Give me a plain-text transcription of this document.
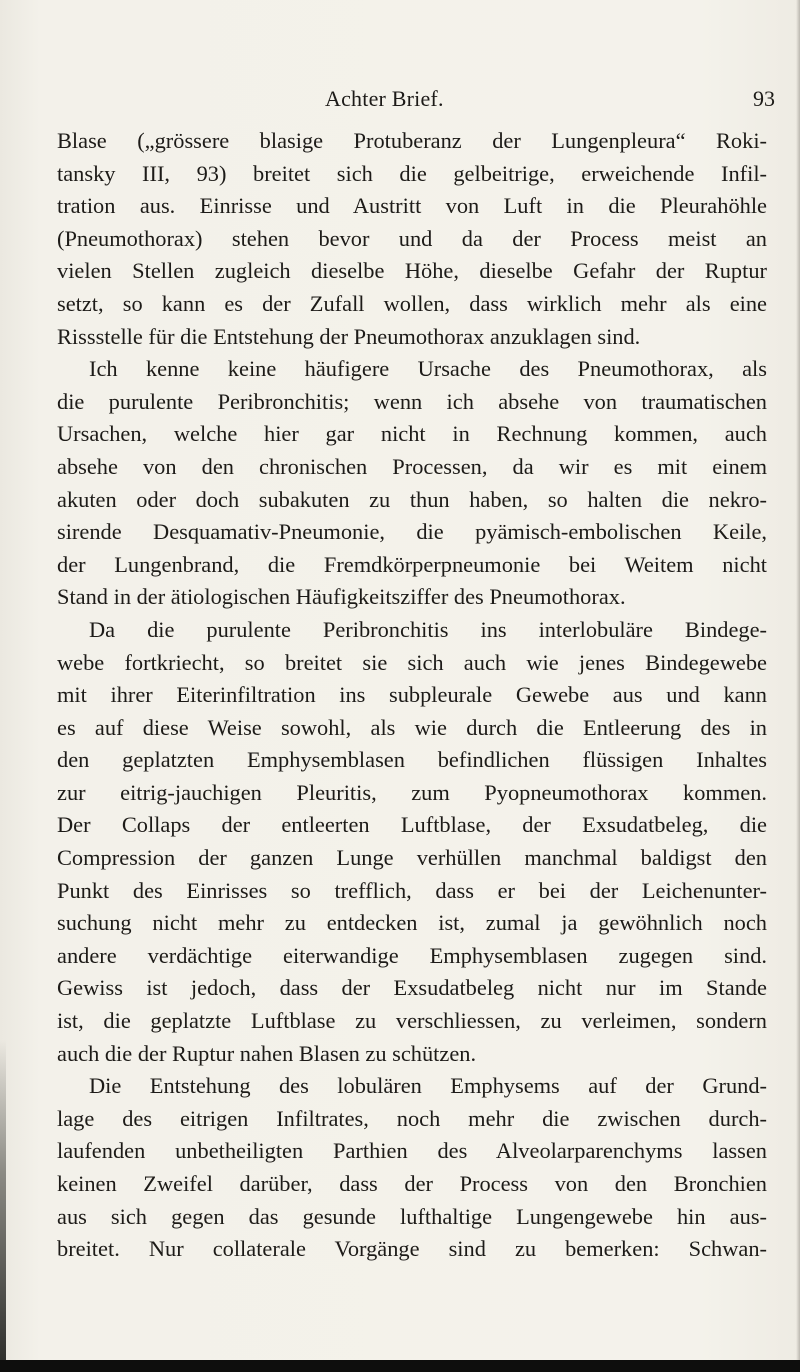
Achter Brief.	93
Blase („grössere blasige Protuberanz der Lungenpleura“ Roki-
tansky III, 93) breitet sich die gelbeitrige, erweichende Infil-
tration aus. Einrisse und Austritt von Luft in die Pleurahöhle
(Pneumothorax) stehen bevor und da der Process meist an
vielen Stellen zugleich dieselbe Höhe, dieselbe Gefahr der Ruptur
setzt, so kann es der Zufall wollen, dass wirklich mehr als eine
Rissstelle für die Entstehung der Pneumothorax anzuklagen sind.
Ich kenne keine häufigere Ursache des Pneumothorax, als
die purulente Peribronchitis; wenn ich absehe von traumatischen
Ursachen, welche hier gar nicht in Rechnung kommen, auch
absehe von den chronischen Processen, da wir es mit einem
akuten oder doch subakuten zu thun haben, so halten die nekro-
sirende Desquamativ-Pneumonie, die pyämisch-embolischen Keile,
der Lungenbrand, die Fremdkörperpneumonie bei Weitem nicht
Stand in der ätiologischen Häufigkeitsziffer des Pneumothorax.
Da die purulente Peribronchitis ins interlobuläre Bindege-
webe fortkriecht, so breitet sie sich auch wie jenes Bindegewebe
mit ihrer Eiterinfiltration ins subpleurale Gewebe aus und kann
es auf diese Weise sowohl, als wie durch die Entleerung des in
den geplatzten Emphysemblasen befindlichen flüssigen Inhaltes
zur eitrig-jauchigen Pleuritis, zum Pyopneumothorax kommen.
Der Collaps der entleerten Luftblase, der Exsudatbeleg, die
Compression der ganzen Lunge verhüllen manchmal baldigst den
Punkt des Einrisses so trefflich, dass er bei der Leichenunter-
suchung nicht mehr zu entdecken ist, zumal ja gewöhnlich noch
andere verdächtige eiterwandige Emphysemblasen zugegen sind.
Gewiss ist jedoch, dass der Exsudatbeleg nicht nur im Stande
ist, die geplatzte Luftblase zu verschliessen, zu verleimen, sondern
auch die der Ruptur nahen Blasen zu schützen.
Die Entstehung des lobulären Emphysems auf der Grund-
lage des eitrigen Infiltrates, noch mehr die zwischen durch-
laufenden unbetheiligten Parthien des Alveolarparenchyms lassen
keinen Zweifel darüber, dass der Process von den Bronchien
aus sich gegen das gesunde lufthaltige Lungengewebe hin aus-
breitet. Nur collaterale Vorgänge sind zu bemerken: Schwan-
